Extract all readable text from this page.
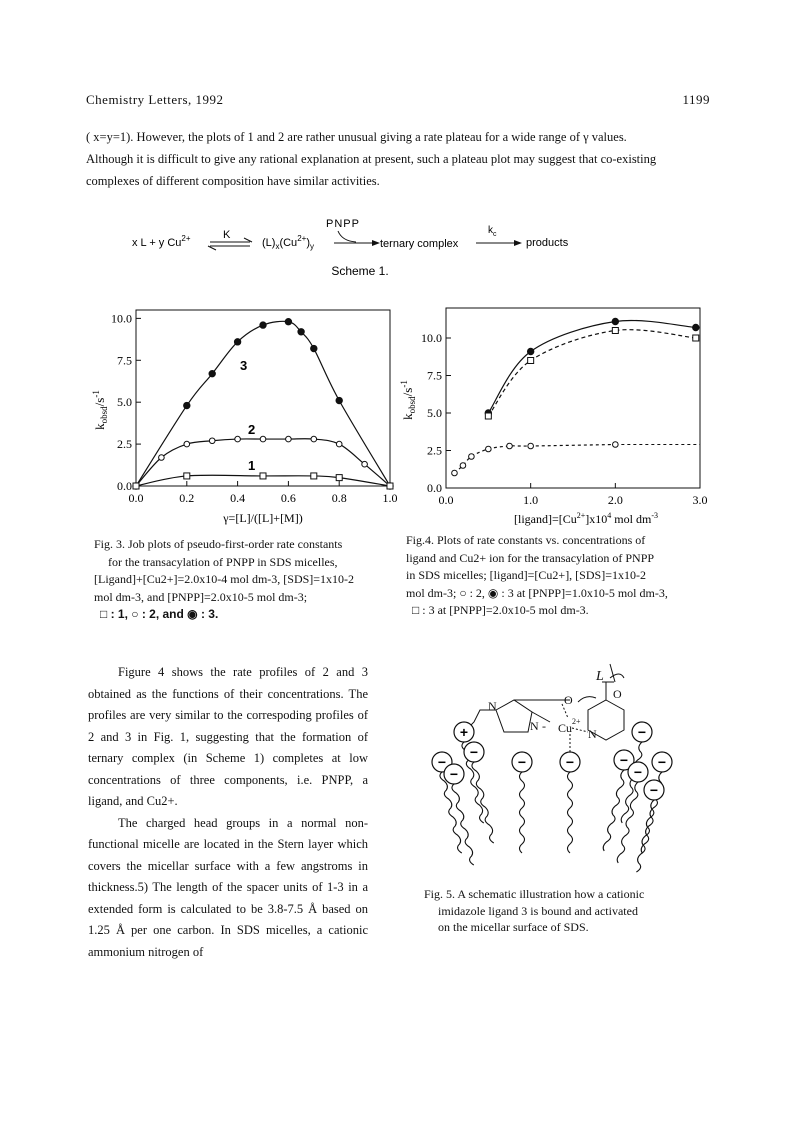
Chemistry Letters, 1992	1199

( x=y=1). However, the plots of 1 and 2 are rather unusual giving a rate plateau for a wide range of γ values.

Although it is difficult to give any rational explanation at present, such a plateau plot may suggest that co-existing

complexes of different composition have similar activities.

x L + y $Cu^{2+}$	K
$(L)_x(Cu^{2+})_y$
PNPP
ternary complex
$k_c$
products
Scheme 1.
0.0	0.2	0.4	0.6	0.8	1.0
0.0
2.5
5.0
7.5
10.0
$k_{obsd}/s^{-1}$
γ=[L]/([L]+[M])
3
2
1
0.0	1.0	2.0	3.0
0.0
2.5
5.0
7.5
10.0
$k_{obsd}/s^{-1}$
$[ligand]=[Cu^{2+}]x10^4$ mol $dm^{-3}$

Fig. 3. Job plots of pseudo-first-order rate constants

for the transacylation of PNPP in SDS micelles,

[Ligand]+[Cu2+]=2.0x10-4 mol dm-3, [SDS]=1x10-2

mol dm-3, and [PNPP]=2.0x10-5 mol dm-3;

□ : 1, ○ : 2, and ◉ : 3.

Fig.4. Plots of rate constants vs. concentrations of

ligand and Cu2+ ion for the transacylation of PNPP

in SDS micelles; [ligand]=[Cu2+], [SDS]=1x10-2

mol dm-3; ○ : 2, ◉ : 3 at [PNPP]=1.0x10-5 mol dm-3,

□ : 3 at [PNPP]=2.0x10-5 mol dm-3.

Figure 4 shows the rate profiles of 2 and 3 obtained as the functions of their concentrations. The profiles are very similar to the correspoding profiles of 2 and 3 in Fig. 1, suggesting that the formation of ternary complex (in Scheme 1) completes at low concentrations of three components, i.e. PNPP, a ligand, and Cu2+.

The charged head groups in a normal non-functional micelle are located in the Stern layer which covers the micellar surface with a few angstroms in thickness.5) The length of the spacer units of 1-3 in a extended form is calculated to be 3.8-7.5 Å based on 1.25 Å per one carbon. In SDS micelles, a cationic ammonium nitrogen of

N
N - $Cu^{2+}$
N
O	O
L
+
−
−
−
−	−
−
−
−
−
−

Fig. 5. A schematic illustration how a cationic

imidazole ligand 3 is bound and activated

on the micellar surface of SDS.
